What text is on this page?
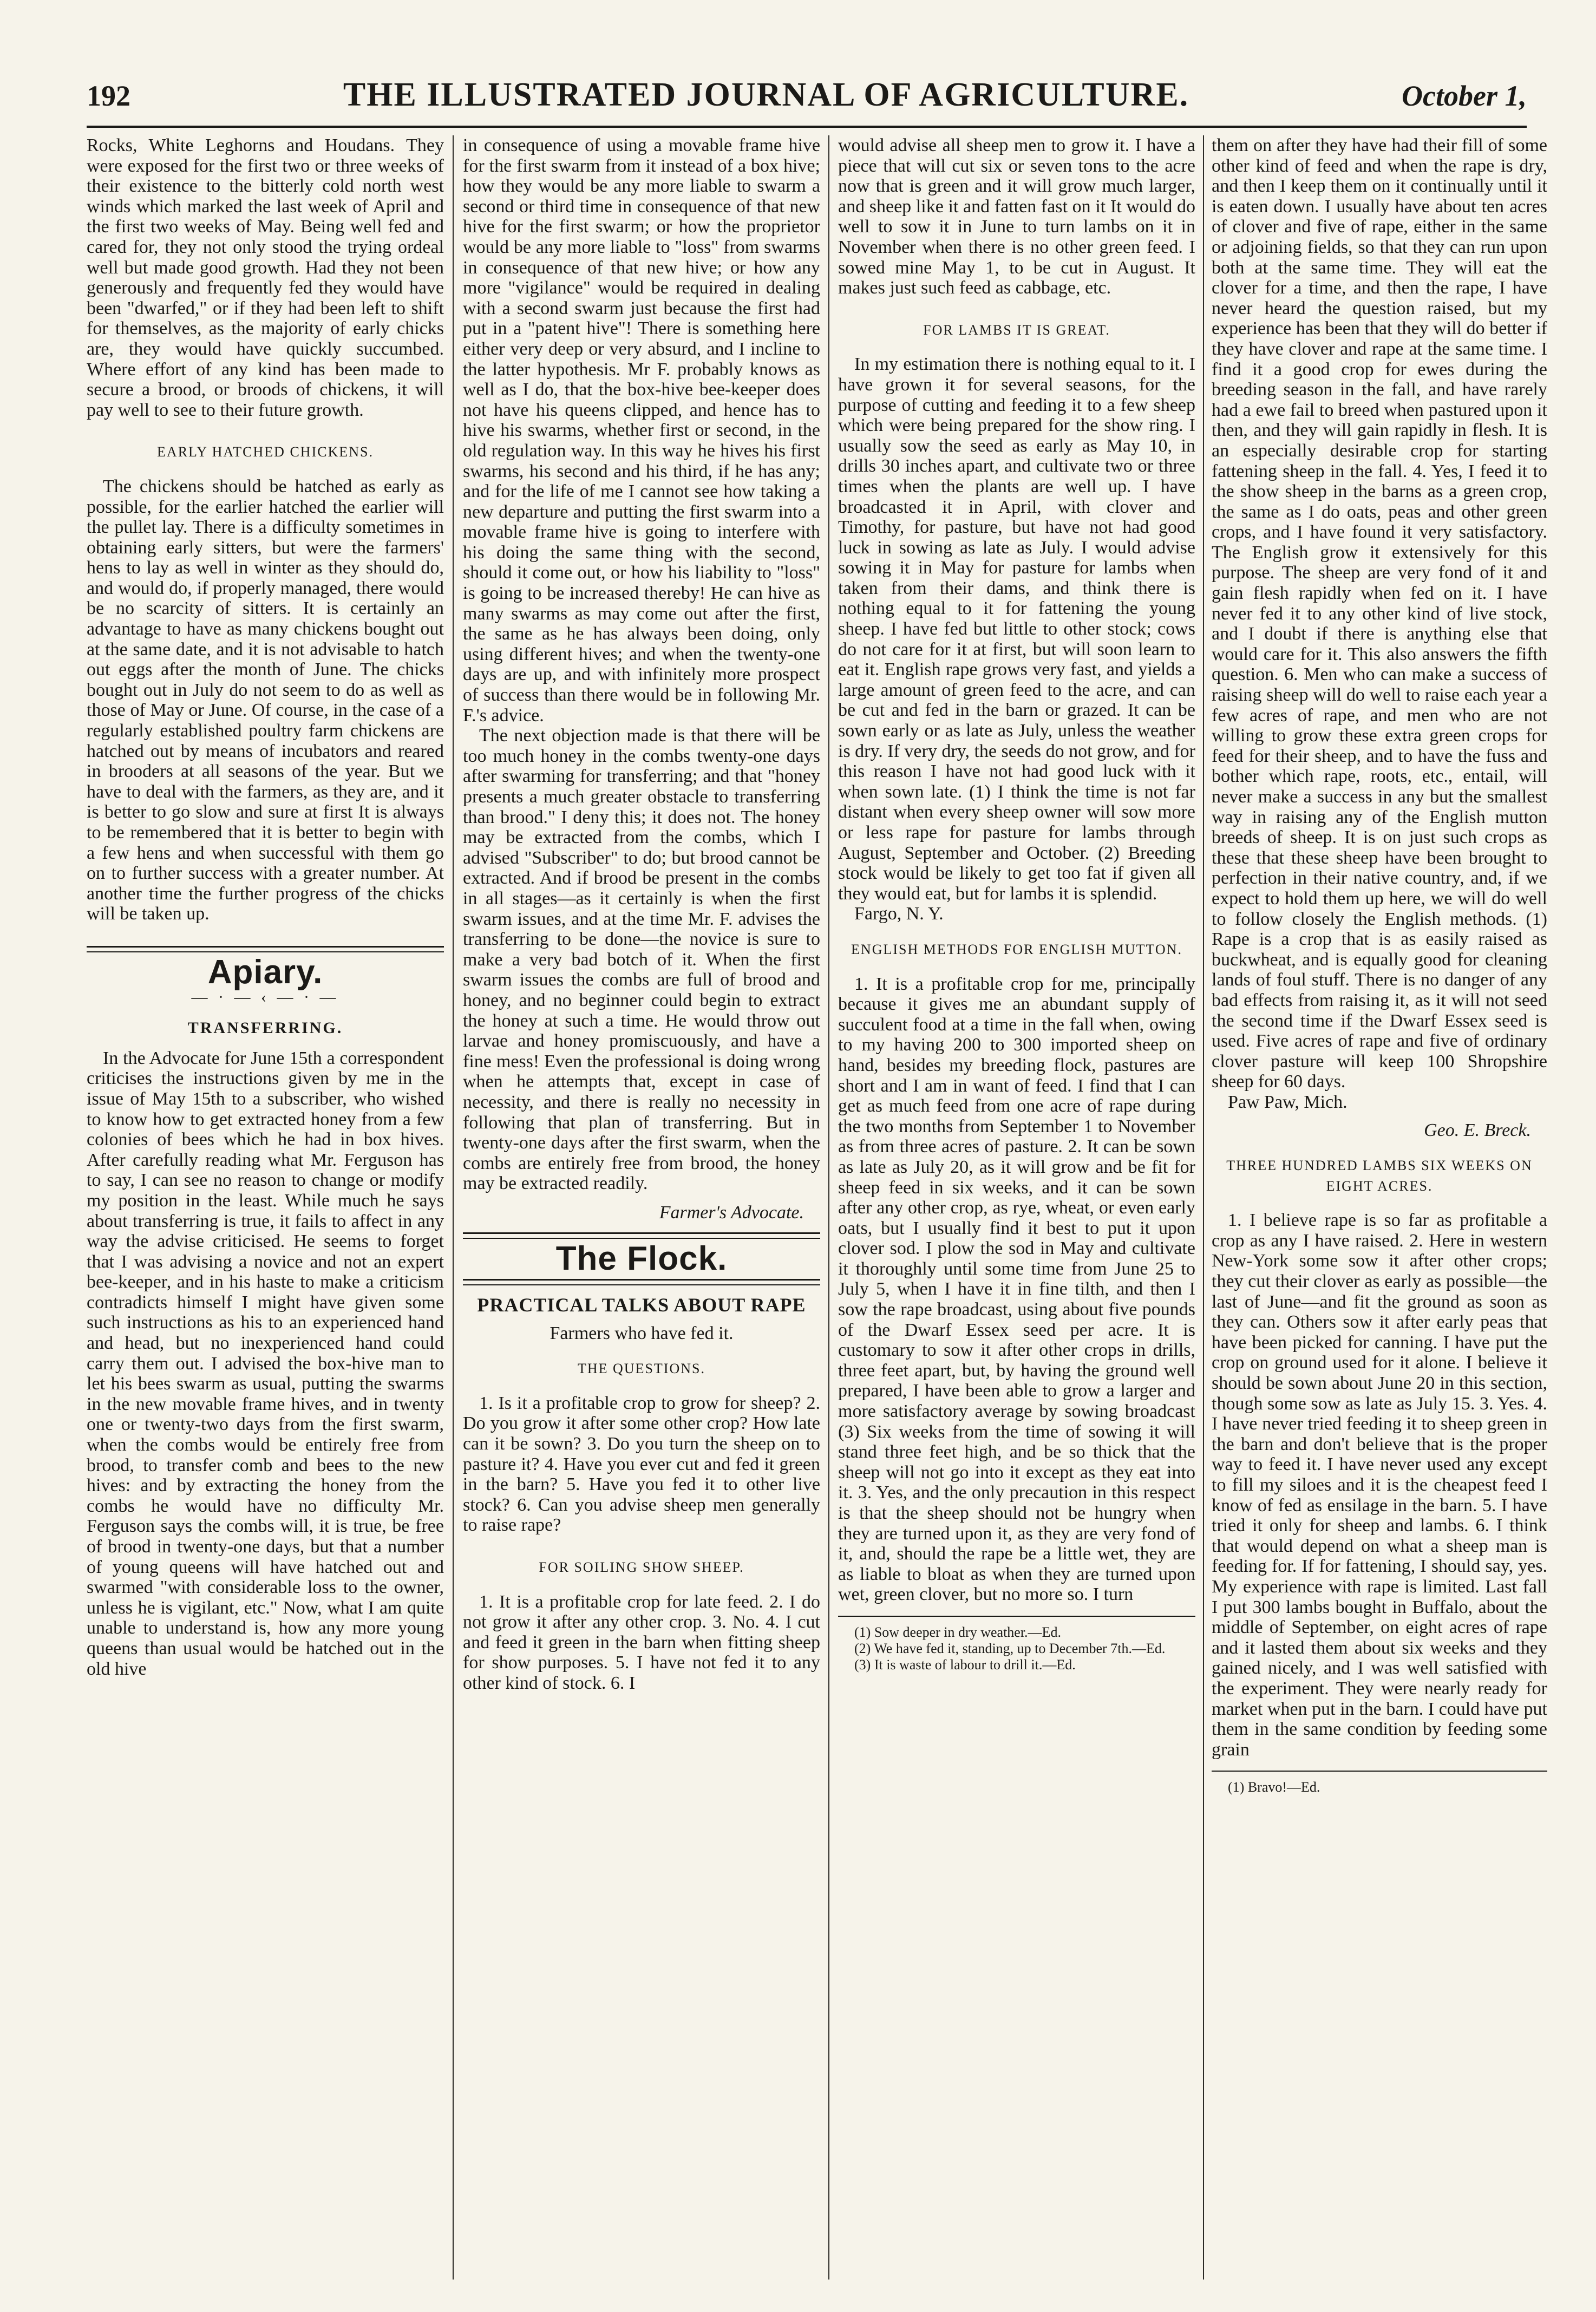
192	THE ILLUSTRATED JOURNAL OF AGRICULTURE.	October 1,

Rocks, White Leghorns and Houdans. They were exposed for the first two or three weeks of their existence to the bitterly cold north west winds which marked the last week of April and the first two weeks of May. Being well fed and cared for, they not only stood the trying ordeal well but made good growth. Had they not been generously and frequently fed they would have been "dwarfed," or if they had been left to shift for themselves, as the majority of early chicks are, they would have quickly succumbed. Where effort of any kind has been made to secure a brood, or broods of chickens, it will pay well to see to their future growth.

EARLY HATCHED CHICKENS.

The chickens should be hatched as early as possible, for the earlier hatched the earlier will the pullet lay. There is a difficulty sometimes in obtaining early sitters, but were the farmers' hens to lay as well in winter as they should do, and would do, if properly managed, there would be no scarcity of sitters. It is certainly an advantage to have as many chickens bought out at the same date, and it is not advisable to hatch out eggs after the month of June. The chicks bought out in July do not seem to do as well as those of May or June. Of course, in the case of a regularly established poultry farm chickens are hatched out by means of incubators and reared in brooders at all seasons of the year. But we have to deal with the farmers, as they are, and it is better to go slow and sure at first It is always to be remembered that it is better to begin with a few hens and when successful with them go on to further success with a greater number. At another time the further progress of the chicks will be taken up.

Apiary.
— · — ‹ — · —
TRANSFERRING.

In the Advocate for June 15th a correspondent criticises the instructions given by me in the issue of May 15th to a subscriber, who wished to know how to get extracted honey from a few colonies of bees which he had in box hives. After carefully reading what Mr. Ferguson has to say, I can see no reason to change or modify my position in the least. While much he says about transferring is true, it fails to affect in any way the advise criticised. He seems to forget that I was advising a novice and not an expert bee-keeper, and in his haste to make a criticism contradicts himself I might have given some such instructions as his to an experienced hand and head, but no inexperienced hand could carry them out. I advised the box-hive man to let his bees swarm as usual, putting the swarms in the new movable frame hives, and in twenty one or twenty-two days from the first swarm, when the combs would be entirely free from brood, to transfer comb and bees to the new hives: and by extracting the honey from the combs he would have no difficulty Mr. Ferguson says the combs will, it is true, be free of brood in twenty-one days, but that a number of young queens will have hatched out and swarmed "with considerable loss to the owner, unless he is vigilant, etc." Now, what I am quite unable to understand is, how any more young queens than usual would be hatched out in the old hive

in consequence of using a movable frame hive for the first swarm from it instead of a box hive; how they would be any more liable to swarm a second or third time in consequence of that new hive for the first swarm; or how the proprietor would be any more liable to "loss" from swarms in consequence of that new hive; or how any more "vigilance" would be required in dealing with a second swarm just because the first had put in a "patent hive"! There is something here either very deep or very absurd, and I incline to the latter hypothesis. Mr F. probably knows as well as I do, that the box-hive bee-keeper does not have his queens clipped, and hence has to hive his swarms, whether first or second, in the old regulation way. In this way he hives his first swarms, his second and his third, if he has any; and for the life of me I cannot see how taking a new departure and putting the first swarm into a movable frame hive is going to interfere with his doing the same thing with the second, should it come out, or how his liability to "loss" is going to be increased thereby! He can hive as many swarms as may come out after the first, the same as he has always been doing, only using different hives; and when the twenty-one days are up, and with infinitely more prospect of success than there would be in following Mr. F.'s advice.

The next objection made is that there will be too much honey in the combs twenty-one days after swarming for transferring; and that "honey presents a much greater obstacle to transferring than brood." I deny this; it does not. The honey may be extracted from the combs, which I advised "Subscriber" to do; but brood cannot be extracted. And if brood be present in the combs in all stages—as it certainly is when the first swarm issues, and at the time Mr. F. advises the transferring to be done—the novice is sure to make a very bad botch of it. When the first swarm issues the combs are full of brood and honey, and no beginner could begin to extract the honey at such a time. He would throw out larvae and honey promiscuously, and have a fine mess! Even the professional is doing wrong when he attempts that, except in case of necessity, and there is really no necessity in following that plan of transferring. But in twenty-one days after the first swarm, when the combs are entirely free from brood, the honey may be extracted readily.

Farmer's Advocate.
The Flock.
PRACTICAL TALKS ABOUT RAPE
Farmers who have fed it.
THE QUESTIONS.

1. Is it a profitable crop to grow for sheep? 2. Do you grow it after some other crop? How late can it be sown? 3. Do you turn the sheep on to pasture it? 4. Have you ever cut and fed it green in the barn? 5. Have you fed it to other live stock? 6. Can you advise sheep men generally to raise rape?

FOR SOILING SHOW SHEEP.

1. It is a profitable crop for late feed. 2. I do not grow it after any other crop. 3. No. 4. I cut and feed it green in the barn when fitting sheep for show purposes. 5. I have not fed it to any other kind of stock. 6. I

would advise all sheep men to grow it. I have a piece that will cut six or seven tons to the acre now that is green and it will grow much larger, and sheep like it and fatten fast on it It would do well to sow it in June to turn lambs on it in November when there is no other green feed. I sowed mine May 1, to be cut in August. It makes just such feed as cabbage, etc.

FOR LAMBS IT IS GREAT.

In my estimation there is nothing equal to it. I have grown it for several seasons, for the purpose of cutting and feeding it to a few sheep which were being prepared for the show ring. I usually sow the seed as early as May 10, in drills 30 inches apart, and cultivate two or three times when the plants are well up. I have broadcasted it in April, with clover and Timothy, for pasture, but have not had good luck in sowing as late as July. I would advise sowing it in May for pasture for lambs when taken from their dams, and think there is nothing equal to it for fattening the young sheep. I have fed but little to other stock; cows do not care for it at first, but will soon learn to eat it. English rape grows very fast, and yields a large amount of green feed to the acre, and can be cut and fed in the barn or grazed. It can be sown early or as late as July, unless the weather is dry. If very dry, the seeds do not grow, and for this reason I have not had good luck with it when sown late. (1) I think the time is not far distant when every sheep owner will sow more or less rape for pasture for lambs through August, September and October. (2) Breeding stock would be likely to get too fat if given all they would eat, but for lambs it is splendid.

Fargo, N. Y.

ENGLISH METHODS FOR ENGLISH MUTTON.

1. It is a profitable crop for me, principally because it gives me an abundant supply of succulent food at a time in the fall when, owing to my having 200 to 300 imported sheep on hand, besides my breeding flock, pastures are short and I am in want of feed. I find that I can get as much feed from one acre of rape during the two months from September 1 to November as from three acres of pasture. 2. It can be sown as late as July 20, as it will grow and be fit for sheep feed in six weeks, and it can be sown after any other crop, as rye, wheat, or even early oats, but I usually find it best to put it upon clover sod. I plow the sod in May and cultivate it thoroughly until some time from June 25 to July 5, when I have it in fine tilth, and then I sow the rape broadcast, using about five pounds of the Dwarf Essex seed per acre. It is customary to sow it after other crops in drills, three feet apart, but, by having the ground well prepared, I have been able to grow a larger and more satisfactory average by sowing broadcast (3) Six weeks from the time of sowing it will stand three feet high, and be so thick that the sheep will not go into it except as they eat into it. 3. Yes, and the only precaution in this respect is that the sheep should not be hungry when they are turned upon it, as they are very fond of it, and, should the rape be a little wet, they are as liable to bloat as when they are turned upon wet, green clover, but no more so. I turn

(1) Sow deeper in dry weather.—Ed.

(2) We have fed it, standing, up to December 7th.—Ed.

(3) It is waste of labour to drill it.—Ed.

them on after they have had their fill of some other kind of feed and when the rape is dry, and then I keep them on it continually until it is eaten down. I usually have about ten acres of clover and five of rape, either in the same or adjoining fields, so that they can run upon both at the same time. They will eat the clover for a time, and then the rape, I have never heard the question raised, but my experience has been that they will do better if they have clover and rape at the same time. I find it a good crop for ewes during the breeding season in the fall, and have rarely had a ewe fail to breed when pastured upon it then, and they will gain rapidly in flesh. It is an especially desirable crop for starting fattening sheep in the fall. 4. Yes, I feed it to the show sheep in the barns as a green crop, the same as I do oats, peas and other green crops, and I have found it very satisfactory. The English grow it extensively for this purpose. The sheep are very fond of it and gain flesh rapidly when fed on it. I have never fed it to any other kind of live stock, and I doubt if there is anything else that would care for it. This also answers the fifth question. 6. Men who can make a success of raising sheep will do well to raise each year a few acres of rape, and men who are not willing to grow these extra green crops for feed for their sheep, and to have the fuss and bother which rape, roots, etc., entail, will never make a success in any but the smallest way in raising any of the English mutton breeds of sheep. It is on just such crops as these that these sheep have been brought to perfection in their native country, and, if we expect to hold them up here, we will do well to follow closely the English methods. (1) Rape is a crop that is as easily raised as buckwheat, and is equally good for cleaning lands of foul stuff. There is no danger of any bad effects from raising it, as it will not seed the second time if the Dwarf Essex seed is used. Five acres of rape and five of ordinary clover pasture will keep 100 Shropshire sheep for 60 days.

Paw Paw, Mich.

Geo. E. Breck.
THREE HUNDRED LAMBS SIX WEEKS ON EIGHT ACRES.

1. I believe rape is so far as profitable a crop as any I have raised. 2. Here in western New-York some sow it after other crops; they cut their clover as early as possible—the last of June—and fit the ground as soon as they can. Others sow it after early peas that have been picked for canning. I have put the crop on ground used for it alone. I believe it should be sown about June 20 in this section, though some sow as late as July 15. 3. Yes. 4. I have never tried feeding it to sheep green in the barn and don't believe that is the proper way to feed it. I have never used any except to fill my siloes and it is the cheapest feed I know of fed as ensilage in the barn. 5. I have tried it only for sheep and lambs. 6. I think that would depend on what a sheep man is feeding for. If for fattening, I should say, yes. My experience with rape is limited. Last fall I put 300 lambs bought in Buffalo, about the middle of September, on eight acres of rape and it lasted them about six weeks and they gained nicely, and I was well satisfied with the experiment. They were nearly ready for market when put in the barn. I could have put them in the same condition by feeding some grain

(1) Bravo!—Ed.
